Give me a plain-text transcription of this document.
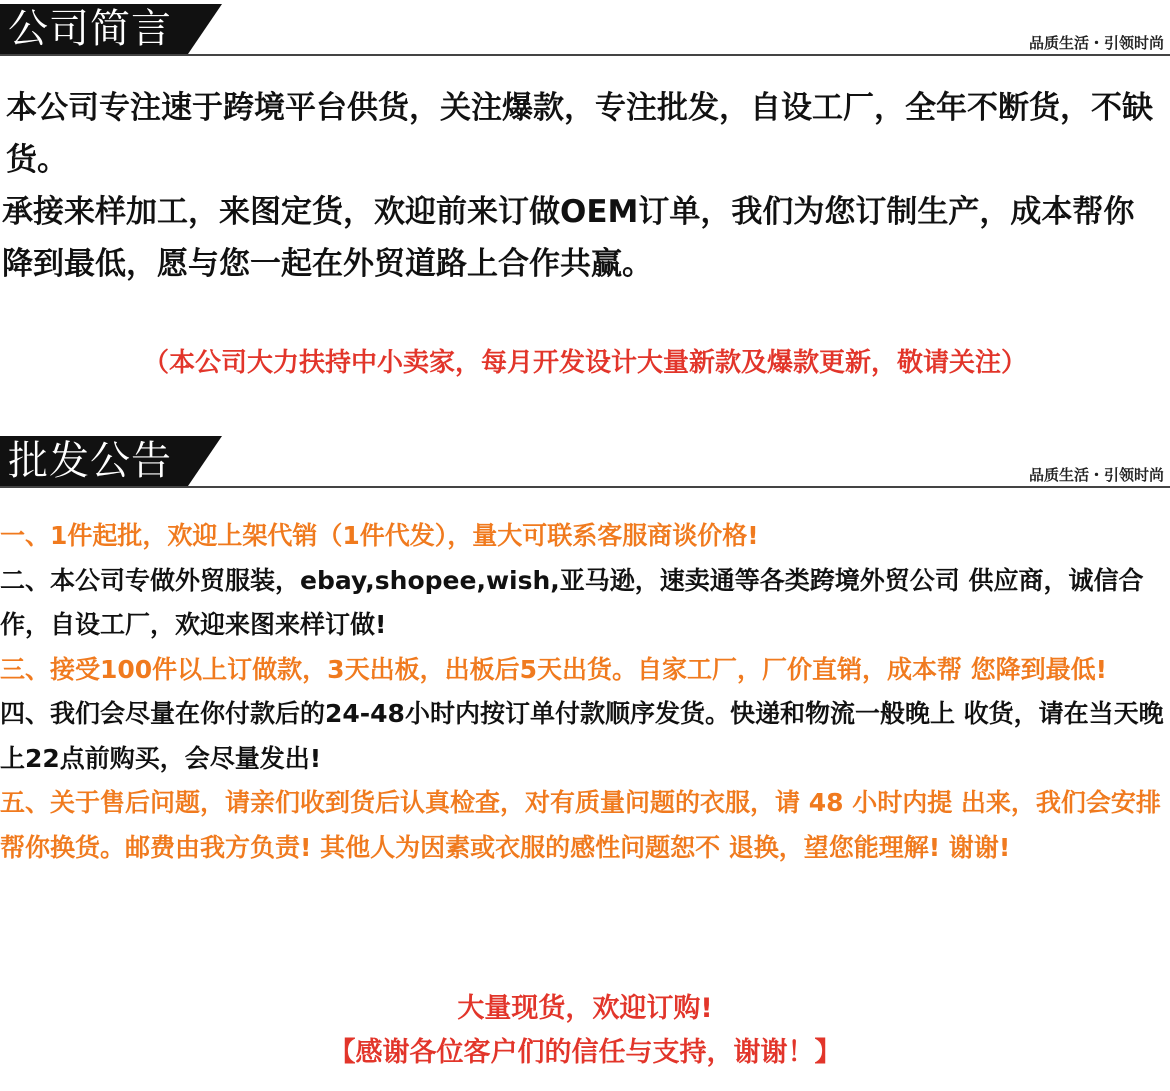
公司简言	品质生活・引领时尚

本公司专注速于跨境平台供货，关注爆款，专注批发，自设工厂，全年不断货，不缺货。

承接来样加工，来图定货，欢迎前来订做OEM订单，我们为您订制生产，成本帮你降到最低，愿与您一起在外贸道路上合作共赢。

（本公司大力扶持中小卖家，每月开发设计大量新款及爆款更新，敬请关注）
批发公告	品质生活・引领时尚

一、1件起批，欢迎上架代销（1件代发），量大可联系客服商谈价格!

二、本公司专做外贸服装，ebay,shopee,wish,亚马逊，速卖通等各类跨境外贸公司 供应商，诚信合作，自设工厂，欢迎来图来样订做!

三、接受100件以上订做款，3天出板，出板后5天出货。自家工厂，厂价直销，成本帮 您降到最低!

四、我们会尽量在你付款后的24-48小时内按订单付款顺序发货。快递和物流一般晚上 收货，请在当天晚上22点前购买，会尽量发出!

五、关于售后问题，请亲们收到货后认真检查，对有质量问题的衣服，请 48 小时内提 出来，我们会安排帮你换货。邮费由我方负责! 其他人为因素或衣服的感性问题恕不 退换，望您能理解! 谢谢!

大量现货，欢迎订购!

【感谢各位客户们的信任与支持，谢谢！】
